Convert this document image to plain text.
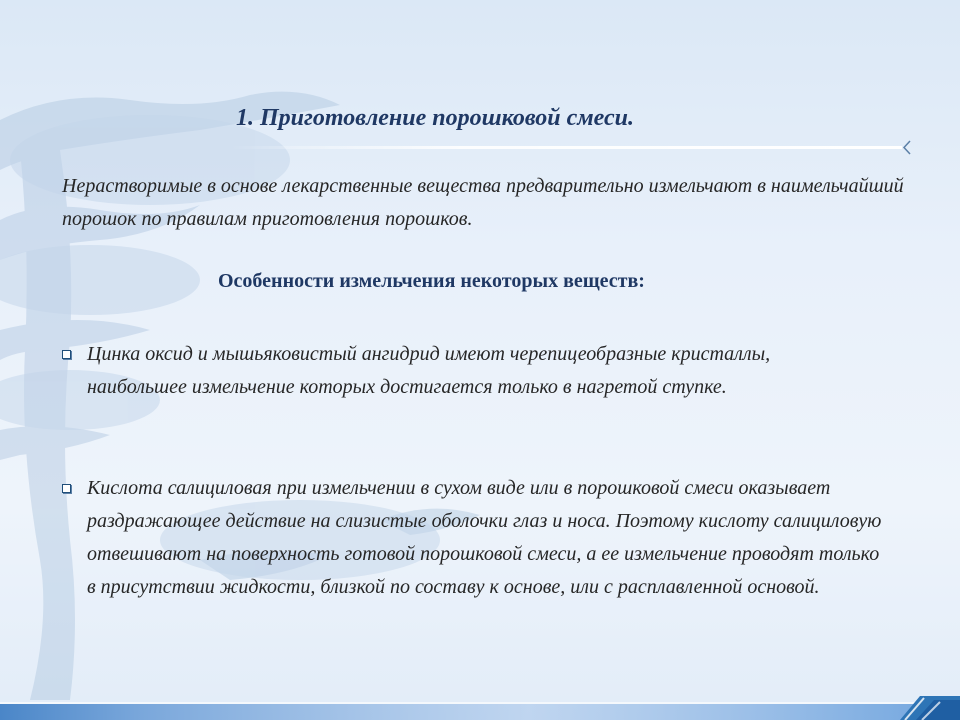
1. Приготовление порошковой смеси.

Нерастворимые в основе лекарственные вещества предварительно измельчают в наимельчайший порошок по правилам приготовления порошков.

Особенности измельчения некоторых веществ:

Цинка оксид и мышьяковистый ангидрид имеют черепицеобразные кристаллы, наибольшее измельчение которых достигается только в нагретой ступке.

Кислота салициловая при измельчении в сухом виде или в порошковой смеси оказывает раздражающее действие на слизистые оболочки глаз и носа. Поэтому кислоту салициловую отвешивают на поверхность готовой порошковой смеси, а ее измельчение проводят только в присутствии жидкости, близкой по составу к основе, или с расплавленной основой.
